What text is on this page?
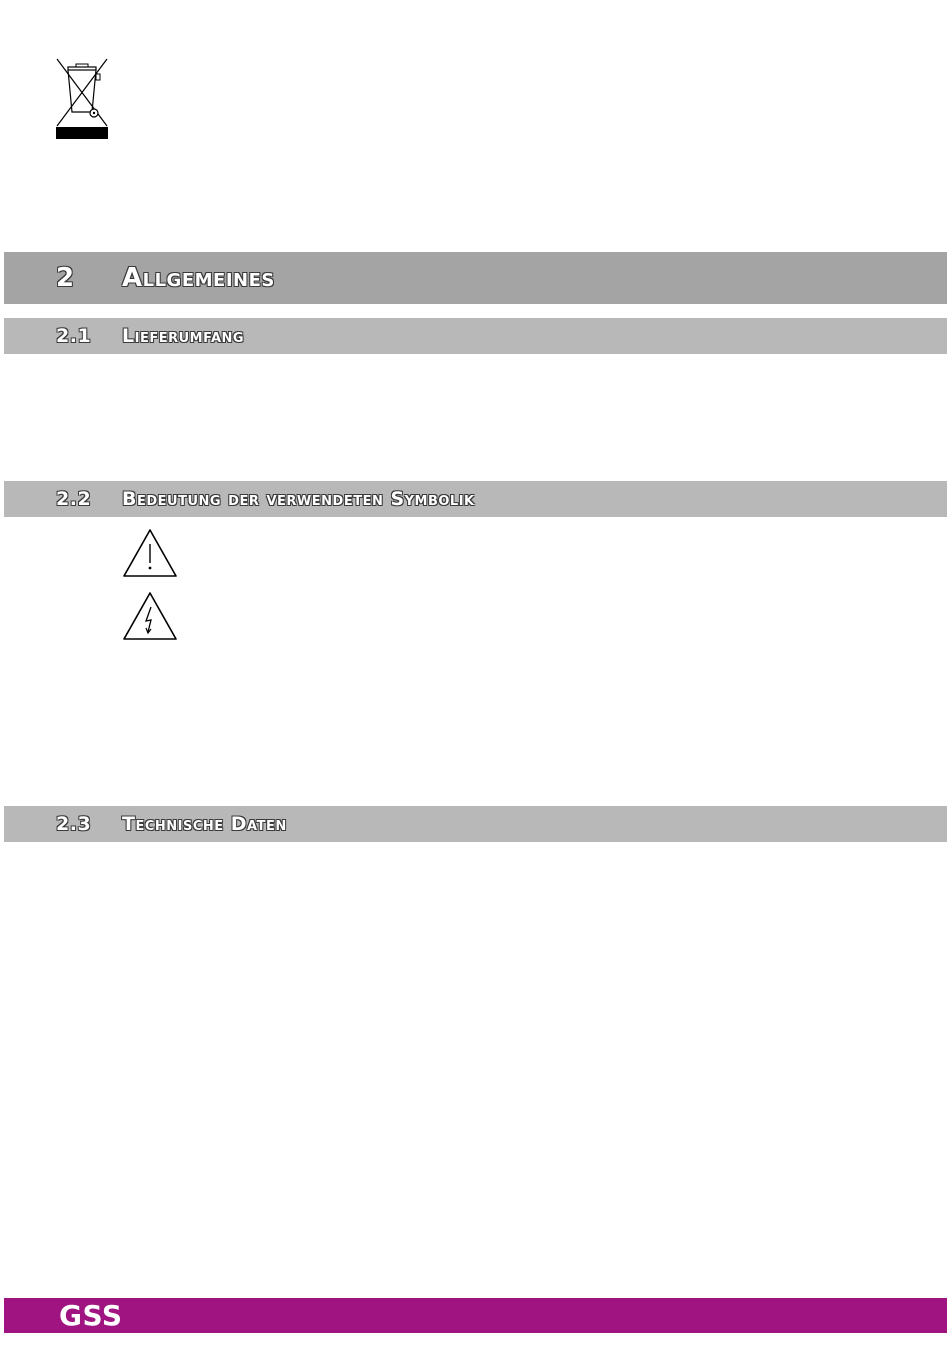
2 Allgemeines
2.1 Lieferumfang
2.2 Bedeutung der verwendeten Symbolik
2.3 Technische Daten
GSS
